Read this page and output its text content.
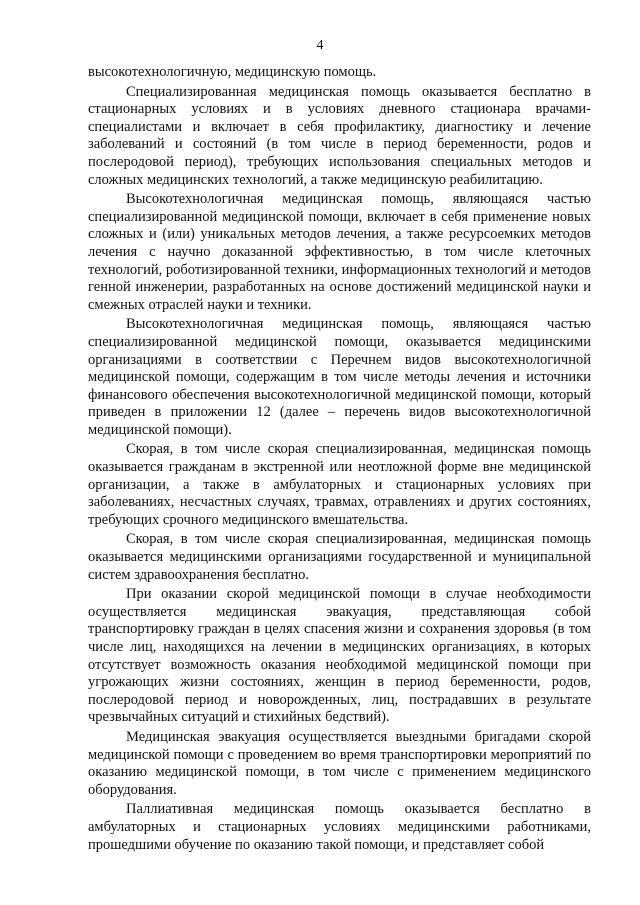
4

высокотехнологичную, медицинскую помощь.

Специализированная медицинская помощь оказывается бесплатно в стационарных условиях и в условиях дневного стационара врачами-специалистами и включает в себя профилактику, диагностику и лечение заболеваний и состояний (в том числе в период беременности, родов и послеродовой период), требующих использования специальных методов и сложных медицинских технологий, а также медицинскую реабилитацию.

Высокотехнологичная медицинская помощь, являющаяся частью специализированной медицинской помощи, включает в себя применение новых сложных и (или) уникальных методов лечения, а также ресурсоемких методов лечения с научно доказанной эффективностью, в том числе клеточных технологий, роботизированной техники, информационных технологий и методов генной инженерии, разработанных на основе достижений медицинской науки и смежных отраслей науки и техники.

Высокотехнологичная медицинская помощь, являющаяся частью специализированной медицинской помощи, оказывается медицинскими организациями в соответствии с Перечнем видов высокотехнологичной медицинской помощи, содержащим в том числе методы лечения и источники финансового обеспечения высокотехнологичной медицинской помощи, который приведен в приложении 12 (далее – перечень видов высокотехнологичной медицинской помощи).

Скорая, в том числе скорая специализированная, медицинская помощь оказывается гражданам в экстренной или неотложной форме вне медицинской организации, а также в амбулаторных и стационарных условиях при заболеваниях, несчастных случаях, травмах, отравлениях и других состояниях, требующих срочного медицинского вмешательства.

Скорая, в том числе скорая специализированная, медицинская помощь оказывается медицинскими организациями государственной и муниципальной систем здравоохранения бесплатно.

При оказании скорой медицинской помощи в случае необходимости осуществляется медицинская эвакуация, представляющая собой транспортировку граждан в целях спасения жизни и сохранения здоровья (в том числе лиц, находящихся на лечении в медицинских организациях, в которых отсутствует возможность оказания необходимой медицинской помощи при угрожающих жизни состояниях, женщин в период беременности, родов, послеродовой период и новорожденных, лиц, пострадавших в результате чрезвычайных ситуаций и стихийных бедствий).

Медицинская эвакуация осуществляется выездными бригадами скорой медицинской помощи с проведением во время транспортировки мероприятий по оказанию медицинской помощи, в том числе с применением медицинского оборудования.

Паллиативная медицинская помощь оказывается бесплатно в амбулаторных и стационарных условиях медицинскими работниками, прошедшими обучение по оказанию такой помощи, и представляет собой
